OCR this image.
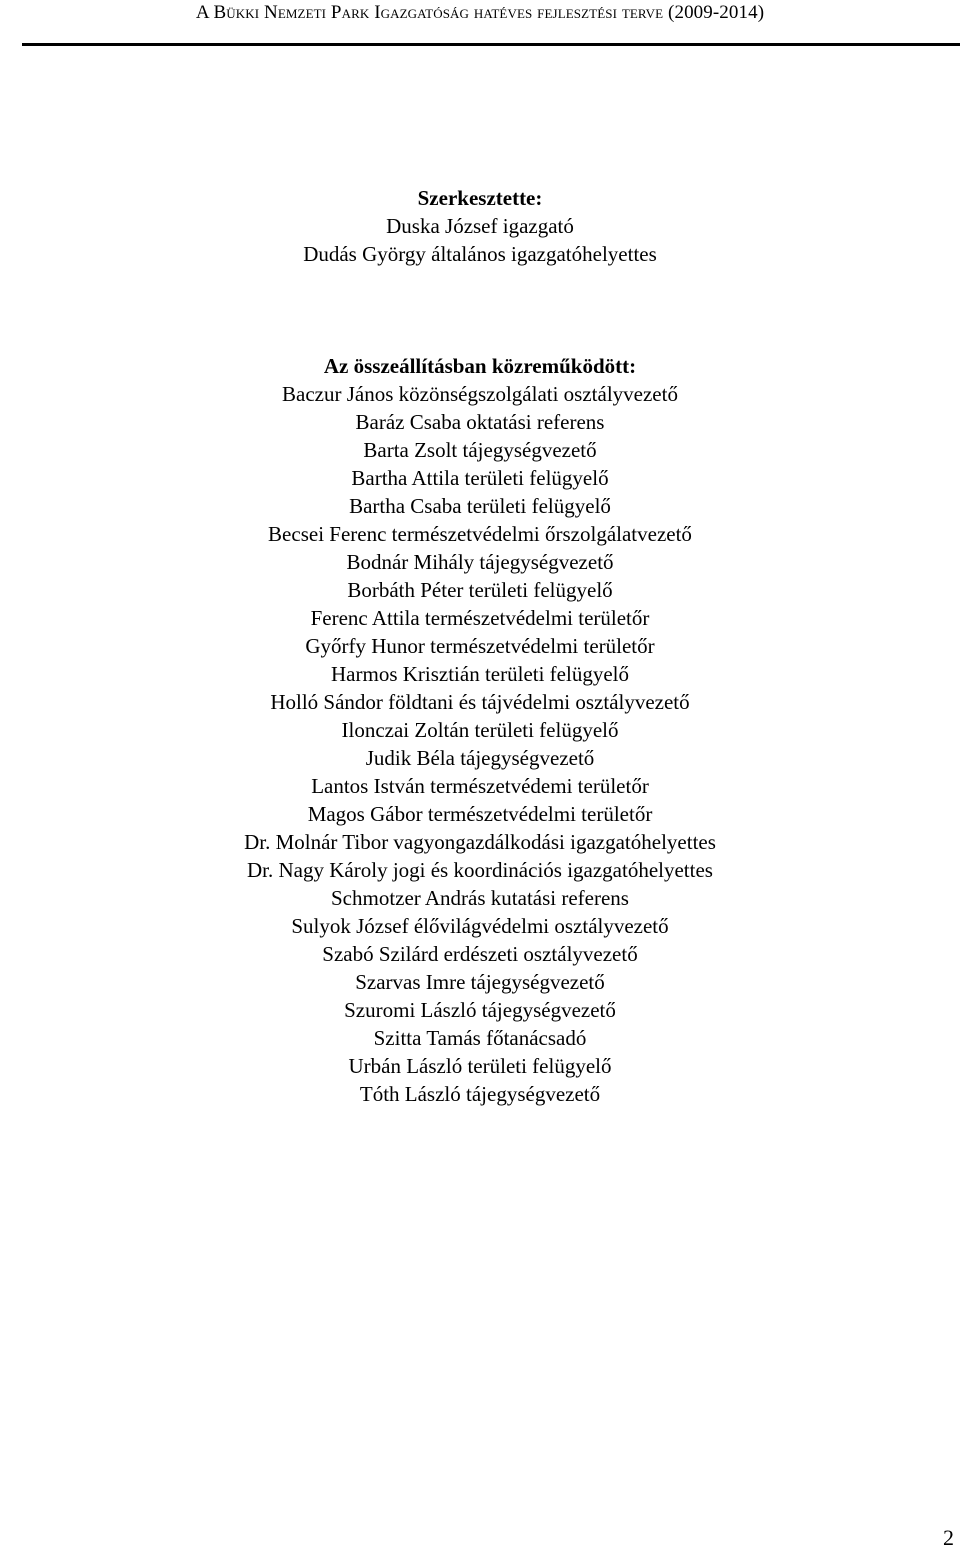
A Bükki Nemzeti Park Igazgatóság hatéves fejlesztési terve (2009-2014)
Szerkesztette:
Duska József igazgató
Dudás György általános igazgatóhelyettes
Az összeállításban közreműködött:
Baczur János közönségszolgálati osztályvezető
Baráz Csaba oktatási referens
Barta Zsolt tájegységvezető
Bartha Attila területi felügyelő
Bartha Csaba területi felügyelő
Becsei Ferenc természetvédelmi őrszolgálatvezető
Bodnár Mihály tájegységvezető
Borbáth Péter területi felügyelő
Ferenc Attila természetvédelmi területőr
Győrfy Hunor természetvédelmi területőr
Harmos Krisztián területi felügyelő
Holló Sándor földtani és tájvédelmi osztályvezető
Ilonczai Zoltán területi felügyelő
Judik Béla tájegységvezető
Lantos István természetvédemi területőr
Magos Gábor természetvédelmi területőr
Dr. Molnár Tibor vagyongazdálkodási igazgatóhelyettes
Dr. Nagy Károly jogi és koordinációs igazgatóhelyettes
Schmotzer András kutatási referens
Sulyok József élővilágvédelmi osztályvezető
Szabó Szilárd erdészeti osztályvezető
Szarvas Imre tájegységvezető
Szuromi László tájegységvezető
Szitta Tamás főtanácsadó
Urbán László területi felügyelő
Tóth László tájegységvezető
2
